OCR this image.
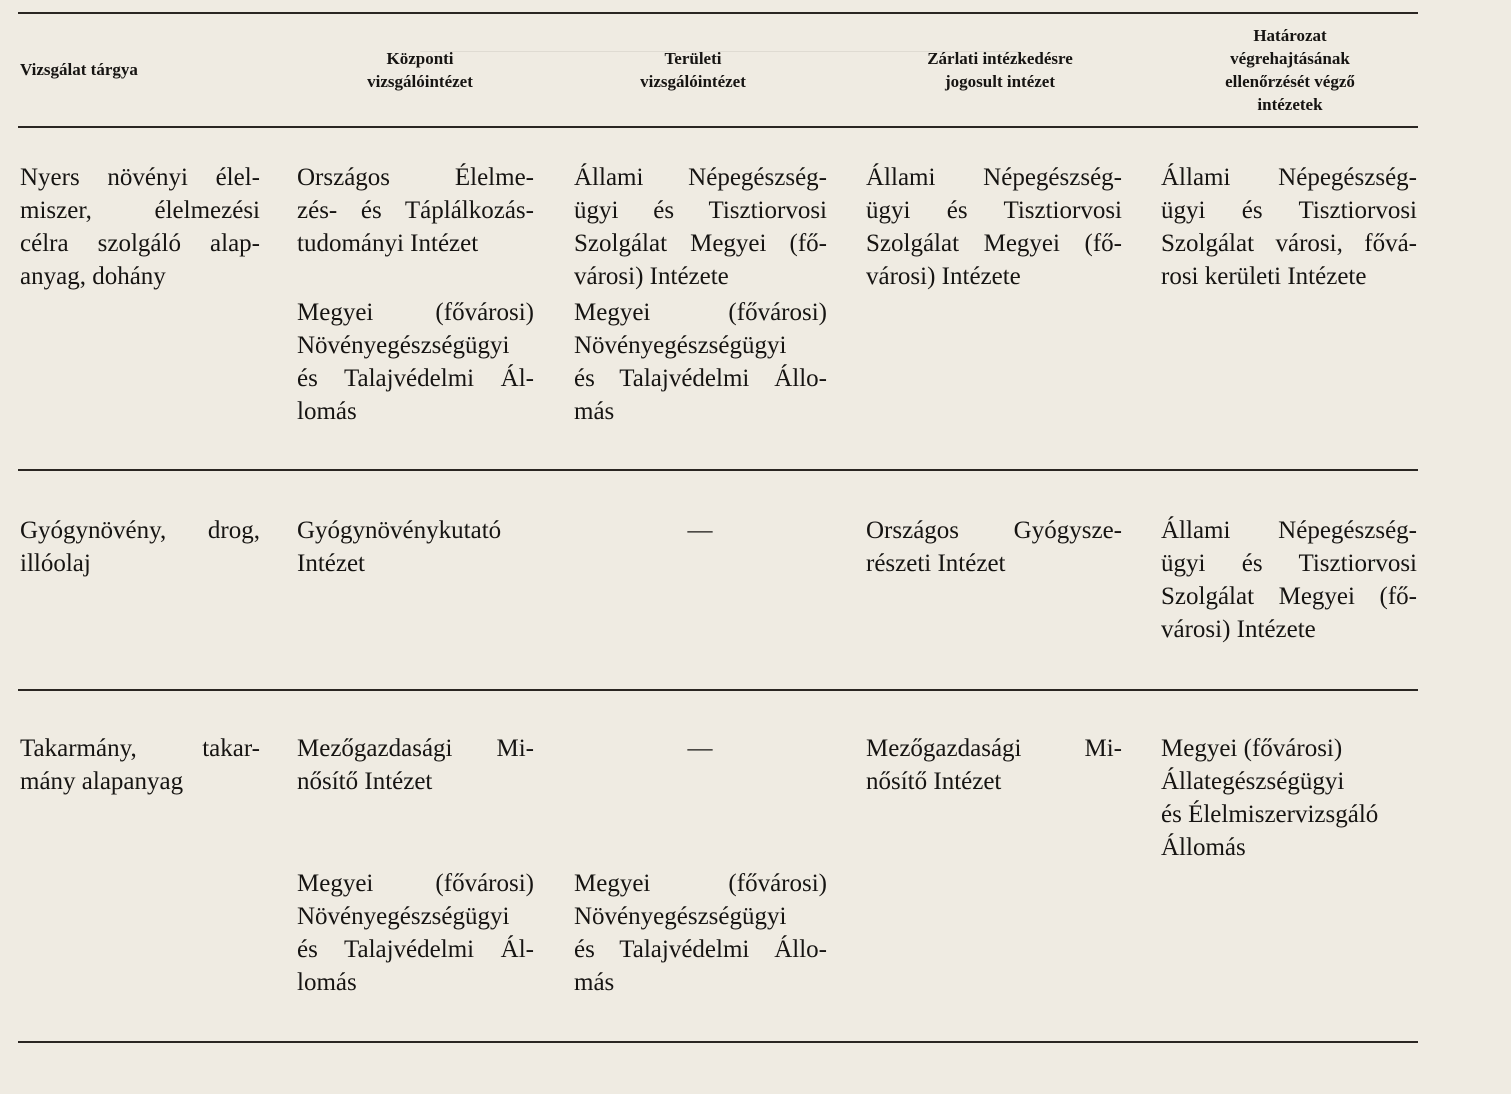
Vizsgálat tárgya
Központi
vizsgálóintézet
Területi
vizsgálóintézet
Zárlati intézkedésre
jogosult intézet
Határozat
végrehajtásának
ellenőrzését végző
intézetek
Nyers növényi élel-
miszer, élelmezési
célra szolgáló alap-
anyag, dohány
Országos Élelme-
zés- és Táplálkozás-
tudományi Intézet
Megyei (fővárosi)
Növényegészségügyi
és Talajvédelmi Ál-
lomás
Állami Népegészség-
ügyi és Tisztiorvosi
Szolgálat Megyei (fő-
városi) Intézete
Megyei (fővárosi)
Növényegészségügyi
és Talajvédelmi Állo-
más
Állami Népegészség-
ügyi és Tisztiorvosi
Szolgálat Megyei (fő-
városi) Intézete
Állami Népegészség-
ügyi és Tisztiorvosi
Szolgálat városi, fővá-
rosi kerületi Intézete
Gyógynövény, drog,
illóolaj
Gyógynövénykutató
Intézet
—	Országos Gyógysze-
részeti Intézet
Állami Népegészség-
ügyi és Tisztiorvosi
Szolgálat Megyei (fő-
városi) Intézete
Takarmány, takar-
mány alapanyag
Mezőgazdasági Mi-
nősítő Intézet
Megyei (fővárosi)
Növényegészségügyi
és Talajvédelmi Ál-
lomás
—
Megyei (fővárosi)
Növényegészségügyi
és Talajvédelmi Állo-
más
Mezőgazdasági Mi-
nősítő Intézet
Megyei (fővárosi)
Állategészségügyi
és Élelmiszervizsgáló
Állomás
